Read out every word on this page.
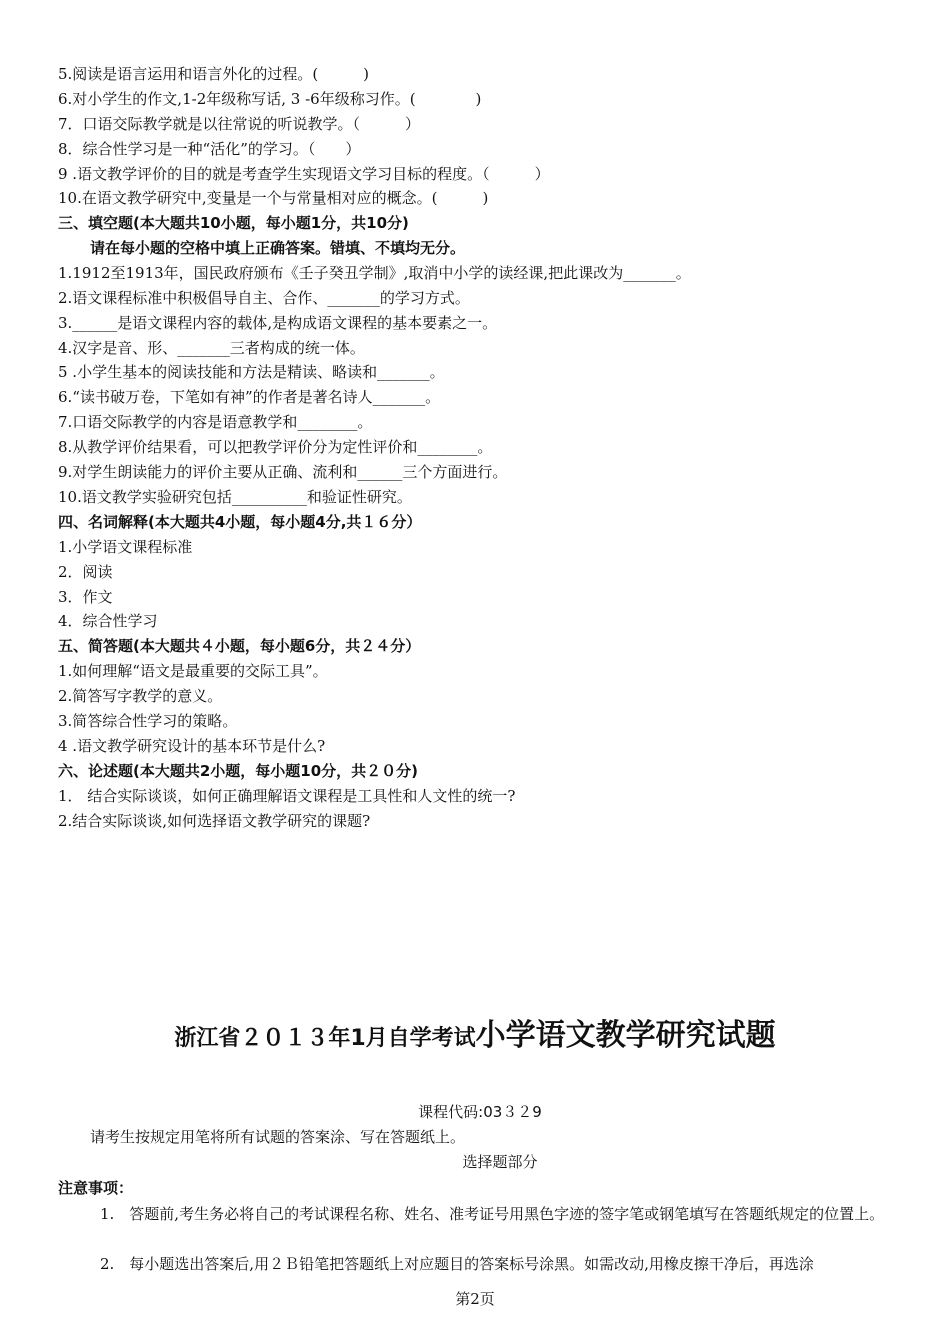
5.阅读是语言运用和语言外化的过程。(　　　)
6.对小学生的作文,1-2年级称写话, 3 -6年级称习作。(　　　　)
7．口语交际教学就是以往常说的听说教学。（　　　）
8．综合性学习是一种“活化”的学习。（　　）
9 .语文教学评价的目的就是考查学生实现语文学习目标的程度。（　　　）
10.在语文教学研究中,变量是一个与常量相对应的概念。(　　　)
三、填空题(本大题共10小题，每小题1分，共10分)
请在每小题的空格中填上正确答案。错填、不填均无分。
1.1912至1913年，国民政府颁布《壬子癸丑学制》,取消中小学的读经课,把此课改为_______。
2.语文课程标准中积极倡导自主、合作、_______的学习方式。
3.______是语文课程内容的载体,是构成语文课程的基本要素之一。
4.汉字是音、形、_______三者构成的统一体。
5 .小学生基本的阅读技能和方法是精读、略读和_______。
6.“读书破万卷，下笔如有神”的作者是著名诗人_______。
7.口语交际教学的内容是语意教学和________。
8.从教学评价结果看，可以把教学评价分为定性评价和________。
9.对学生朗读能力的评价主要从正确、流利和______三个方面进行。
10.语文教学实验研究包括__________和验证性研究。
四、名词解释(本大题共4小题，每小题4分,共１６分）
1.小学语文课程标准
2．阅读
3．作文
4．综合性学习
五、简答题(本大题共４小题，每小题6分，共２４分）
1.如何理解“语文是最重要的交际工具”。
2.简答写字教学的意义。
3.简答综合性学习的策略。
4 .语文教学研究设计的基本环节是什么?
六、论述题(本大题共2小题，每小题10分，共２０分)
1． 结合实际谈谈，如何正确理解语文课程是工具性和人文性的统一?
2.结合实际谈谈,如何选择语文教学研究的课题?
浙江省２０１３年1月自学考试小学语文教学研究试题
课程代码:03３２9
请考生按规定用笔将所有试题的答案涂、写在答题纸上。
选择题部分
注意事项：
1.　答题前,考生务必将自己的考试课程名称、姓名、准考证号用黑色字迹的签字笔或钢笔填写在答题纸规定的位置上。
2.　每小题选出答案后,用２Ｂ铅笔把答题纸上对应题目的答案标号涂黑。如需改动,用橡皮擦干净后，再选涂
第2页
